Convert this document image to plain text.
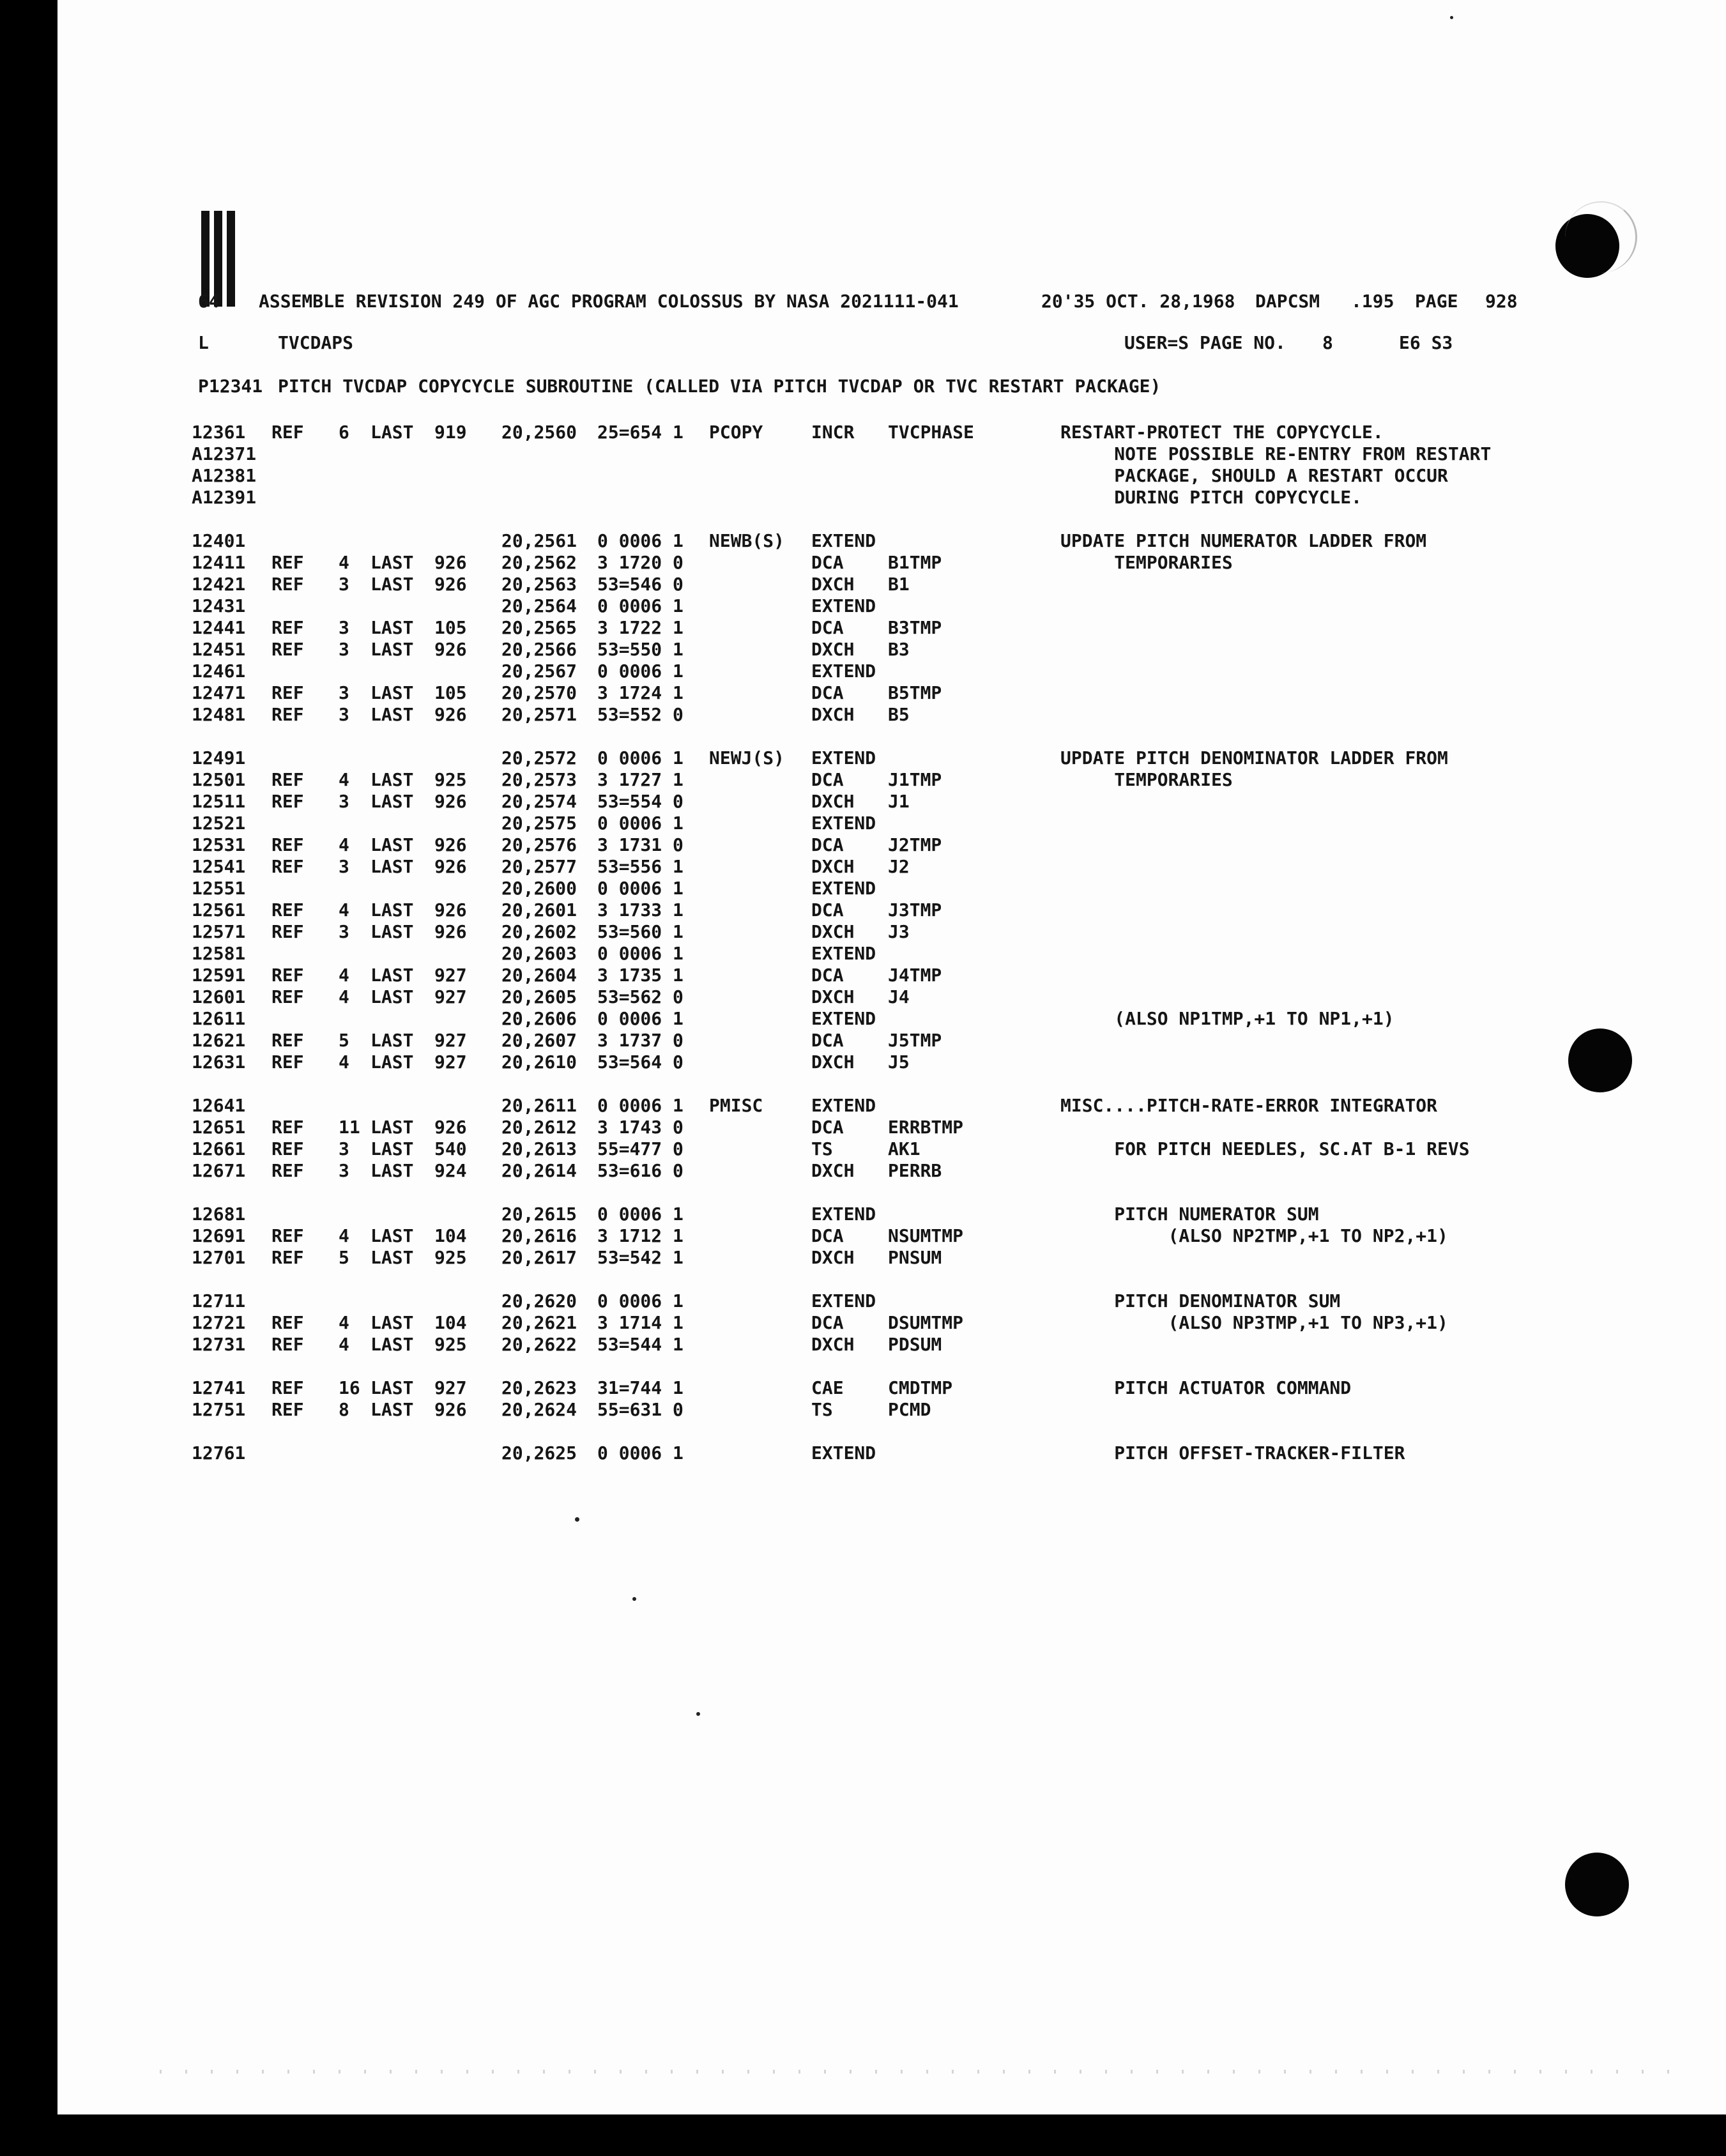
64 ASSEMBLE REVISION 249 OF AGC PROGRAM COLOSSUS BY NASA 2021111-041	20'35 OCT. 28,1968 DAPCSM .195 PAGE 928
L	TVCDAPS	USER=S PAGE NO. 8	E6 S3
P12341 PITCH TVCDAP COPYCYCLE SUBROUTINE (CALLED VIA PITCH TVCDAP OR TVC RESTART PACKAGE)
12361 REF 6 LAST 919 20,2560 25=654 1 PCOPY	INCR TVCPHASE	RESTART-PROTECT THE COPYCYCLE.
A12371	NOTE POSSIBLE RE-ENTRY FROM RESTART
A12381	PACKAGE, SHOULD A RESTART OCCUR
A12391	DURING PITCH COPYCYCLE.
12401	20,2561 0 0006 1 NEWB(S) EXTEND	UPDATE PITCH NUMERATOR LADDER FROM
12411 REF 4 LAST 926 20,2562 3 1720 0	DCA B1TMP	TEMPORARIES
12421 REF 3 LAST 926 20,2563 53=546 0	DXCH B1
12431	20,2564 0 0006 1	EXTEND
12441 REF 3 LAST 105 20,2565 3 1722 1	DCA B3TMP
12451 REF 3 LAST 926 20,2566 53=550 1	DXCH B3
12461	20,2567 0 0006 1	EXTEND
12471 REF 3 LAST 105 20,2570 3 1724 1	DCA B5TMP
12481 REF 3 LAST 926 20,2571 53=552 0	DXCH B5
12491	20,2572 0 0006 1 NEWJ(S) EXTEND	UPDATE PITCH DENOMINATOR LADDER FROM
12501 REF 4 LAST 925 20,2573 3 1727 1	DCA J1TMP	TEMPORARIES
12511 REF 3 LAST 926 20,2574 53=554 0	DXCH J1
12521	20,2575 0 0006 1	EXTEND
12531 REF 4 LAST 926 20,2576 3 1731 0	DCA J2TMP
12541 REF 3 LAST 926 20,2577 53=556 1	DXCH J2
12551	20,2600 0 0006 1	EXTEND
12561 REF 4 LAST 926 20,2601 3 1733 1	DCA J3TMP
12571 REF 3 LAST 926 20,2602 53=560 1	DXCH J3
12581	20,2603 0 0006 1	EXTEND
12591 REF 4 LAST 927 20,2604 3 1735 1	DCA J4TMP
12601 REF 4 LAST 927 20,2605 53=562 0	DXCH J4
12611	20,2606 0 0006 1	EXTEND	(ALSO NP1TMP,+1 TO NP1,+1)
12621 REF 5 LAST 927 20,2607 3 1737 0	DCA J5TMP
12631 REF 4 LAST 927 20,2610 53=564 0	DXCH J5
12641	20,2611 0 0006 1 PMISC	EXTEND	MISC....PITCH-RATE-ERROR INTEGRATOR
12651 REF 11 LAST 926 20,2612 3 1743 0	DCA ERRBTMP
12661 REF 3 LAST 540 20,2613 55=477 0	TS	AK1	FOR PITCH NEEDLES, SC.AT B-1 REVS
12671 REF 3 LAST 924 20,2614 53=616 0	DXCH PERRB
12681	20,2615 0 0006 1	EXTEND	PITCH NUMERATOR SUM
12691 REF 4 LAST 104 20,2616 3 1712 1	DCA NSUMTMP	(ALSO NP2TMP,+1 TO NP2,+1)
12701 REF 5 LAST 925 20,2617 53=542 1	DXCH PNSUM
12711	20,2620 0 0006 1	EXTEND	PITCH DENOMINATOR SUM
12721 REF 4 LAST 104 20,2621 3 1714 1	DCA DSUMTMP	(ALSO NP3TMP,+1 TO NP3,+1)
12731 REF 4 LAST 925 20,2622 53=544 1	DXCH PDSUM
12741 REF 16 LAST 927 20,2623 31=744 1	CAE CMDTMP	PITCH ACTUATOR COMMAND
12751 REF 8 LAST 926 20,2624 55=631 0	TS	PCMD
12761	20,2625 0 0006 1	EXTEND	PITCH OFFSET-TRACKER-FILTER
